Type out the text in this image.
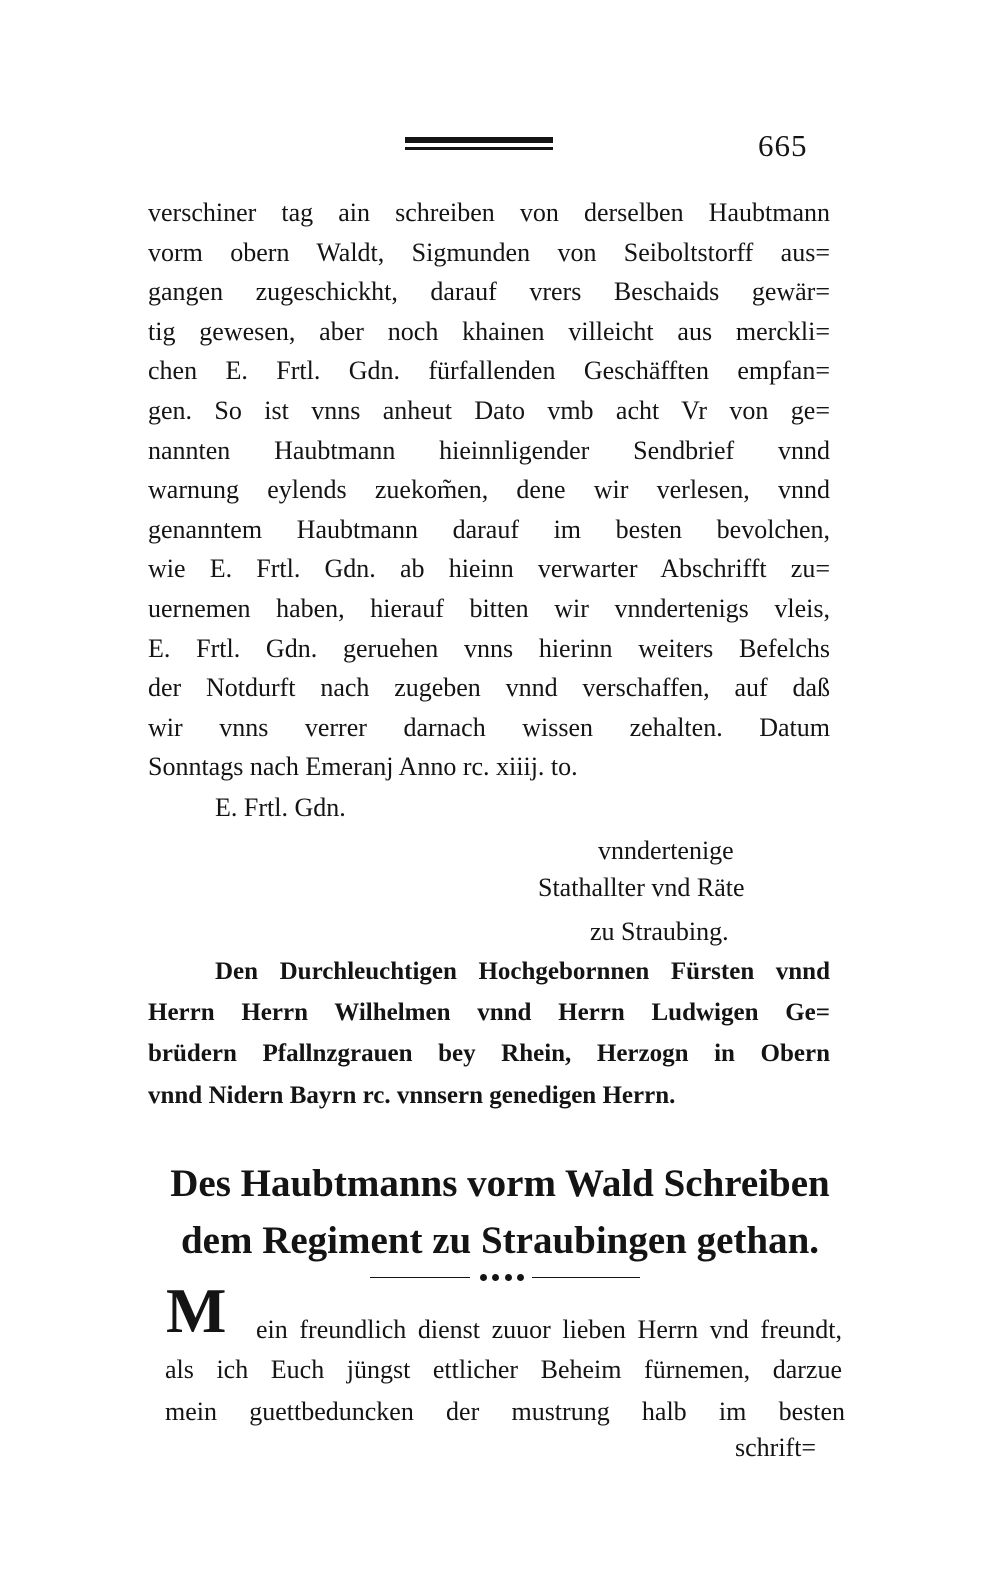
665
verschiner tag ain schreiben von derselben Haubtmann
vorm obern Waldt, Sigmunden von Seiboltstorff aus=
gangen zugeschickht, darauf vrers Beschaids gewär=
tig gewesen, aber noch khainen villeicht aus merckli=
chen E. Frtl. Gdn. fürfallenden Geschäfften empfan=
gen. So ist vnns anheut Dato vmb acht Vr von ge=
nannten Haubtmann hieinnligender Sendbrief vnnd
warnung eylends zuekom̃en, dene wir verlesen, vnnd
genanntem Haubtmann darauf im besten bevolchen,
wie E. Frtl. Gdn. ab hieinn verwarter Abschrifft zu=
uernemen haben, hierauf bitten wir vnndertenigs vleis,
E. Frtl. Gdn. geruehen vnns hierinn weiters Befelchs
der Notdurft nach zugeben vnnd verschaffen, auf daß
wir vnns verrer darnach wissen zehalten. Datum
Sonntags nach Emeranj Anno rc. xiiij. to.
E. Frtl. Gdn.
vnndertenige
Stathallter vnd Räte
zu Straubing.
Den Durchleuchtigen Hochgebornnen Fürsten vnnd
Herrn Herrn Wilhelmen vnnd Herrn Ludwigen Ge=
brüdern Pfallnzgrauen bey Rhein, Herzogn in Obern
vnnd Nidern Bayrn rc. vnnsern genedigen Herrn.
Des Haubtmanns vorm Wald Schreiben
dem Regiment zu Straubingen gethan.
M ein freundlich dienst zuuor lieben Herrn vnd freundt,
als ich Euch jüngst ettlicher Beheim fürnemen, darzue
mein guettbeduncken der mustrung halb im besten
schrift=
